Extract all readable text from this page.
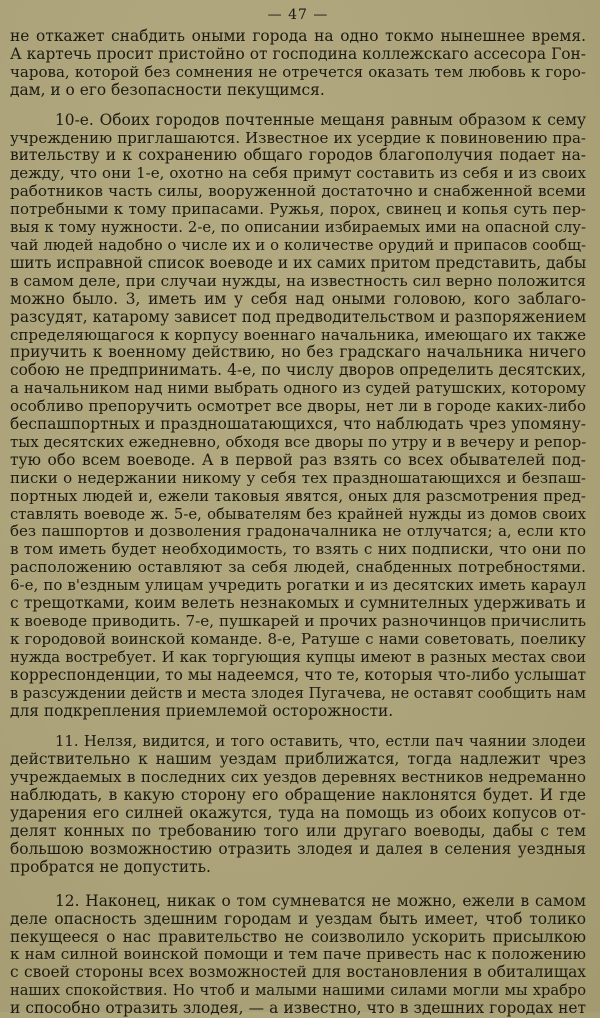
— 47 —
не откажет снабдить оными города на одно токмо нынешнее время.
А картечь просит пристойно от господина коллежскаго ассесора Гон-
чарова, которой без сомнения не отречется оказать тем любовь к горо-
дам, и о его безопасности пекущимся.
10-е. Обоих городов почтенные мещаня равным образом к сему
учреждению приглашаются. Известное их усердие к повиновению пра-
вительству и к сохранению общаго городов благополучия подает на-
дежду, что они 1-е, охотно на себя примут составить из себя и из своих
работников часть силы, вооруженной достаточно и снабженной всеми
потребными к тому припасами. Ружья, порох, свинец и копья суть пер-
выя к тому нужности. 2-е, по описании избираемых ими на опасной слу-
чай людей надобно о числе их и о количестве орудий и припасов сообщ-
шить исправной список воеводе и их самих притом представить, дабы
в самом деле, при случаи нужды, на известность сил верно положится
можно было. 3, иметь им у себя над оными головою, кого заблаго-
разсудят, катарому зависет под предводительством и разпоряжением
спределяющагося к корпусу военнаго начальника, имеющаго их также
приучить к военному действию, но без градскаго начальника ничего
собою не предпринимать. 4-е, по числу дворов определить десятских,
а начальником над ними выбрать одного из судей ратушских, которому
особливо препоручить осмотрет все дворы, нет ли в городе каких-либо
беспашпортных и праздношатающихся, что наблюдать чрез упомяну-
тых десятских ежедневно, обходя все дворы по утру и в вечеру и репор-
тую обо всем воеводе. А в первой раз взять со всех обывателей под-
писки о недержании никому у себя тех праздношатающихся и безпаш-
портных людей и, ежели таковыя явятся, оных для разсмотрения пред-
ставлять воеводе ж. 5-е, обывателям без крайней нужды из домов своих
без пашпортов и дозволения градоначалника не отлучатся; а, если кто
в том иметь будет необходимость, то взять с них подписки, что они по
расположению оставляют за себя людей, снабденных потребностями.
6-е, по в'ездным улицам учредить рогатки и из десятских иметь караул
с трещотками, коим велеть незнакомых и сумнителных удерживать и
к воеводе приводить. 7-е, пушкарей и прочих разночинцов причислить
к городовой воинской команде. 8-е, Ратуше с нами советовать, поелику
нужда востребует. И как торгующия купцы имеют в разных местах свои
корреспонденции, то мы надеемся, что те, которыя что-либо услышат
в разсуждении действ и места злодея Пугачева, не оставят сообщить нам
для подкрепления приемлемой осторожности.
11. Нелзя, видится, и того оставить, что, естли пач чаянии злодеи
действительно к нашим уездам приближатся, тогда надлежит чрез
учреждаемых в последних сих уездов деревнях вестников недреманно
наблюдать, в какую сторону его обращение наклонятся будет. И где
ударения его силней окажутся, туда на помощь из обоих копусов от-
делят конных по требованию того или другаго воеводы, дабы с тем
большою возможностию отразить злодея и далея в селения уездныя
пробратся не допустить.
12. Наконец, никак о том сумневатся не можно, ежели в самом
деле опасность здешним городам и уездам быть имеет, чтоб толико
пекущееся о нас правительство не соизволило ускорить присылкою
к нам силной воинской помощи и тем паче привесть нас к положению
с своей стороны всех возможностей для востановления в обиталищах
наших спокойствия. Но чтоб и малыми нашими силами могли мы храбро
и способно отразить злодея, — а известно, что в здешних городах нет
